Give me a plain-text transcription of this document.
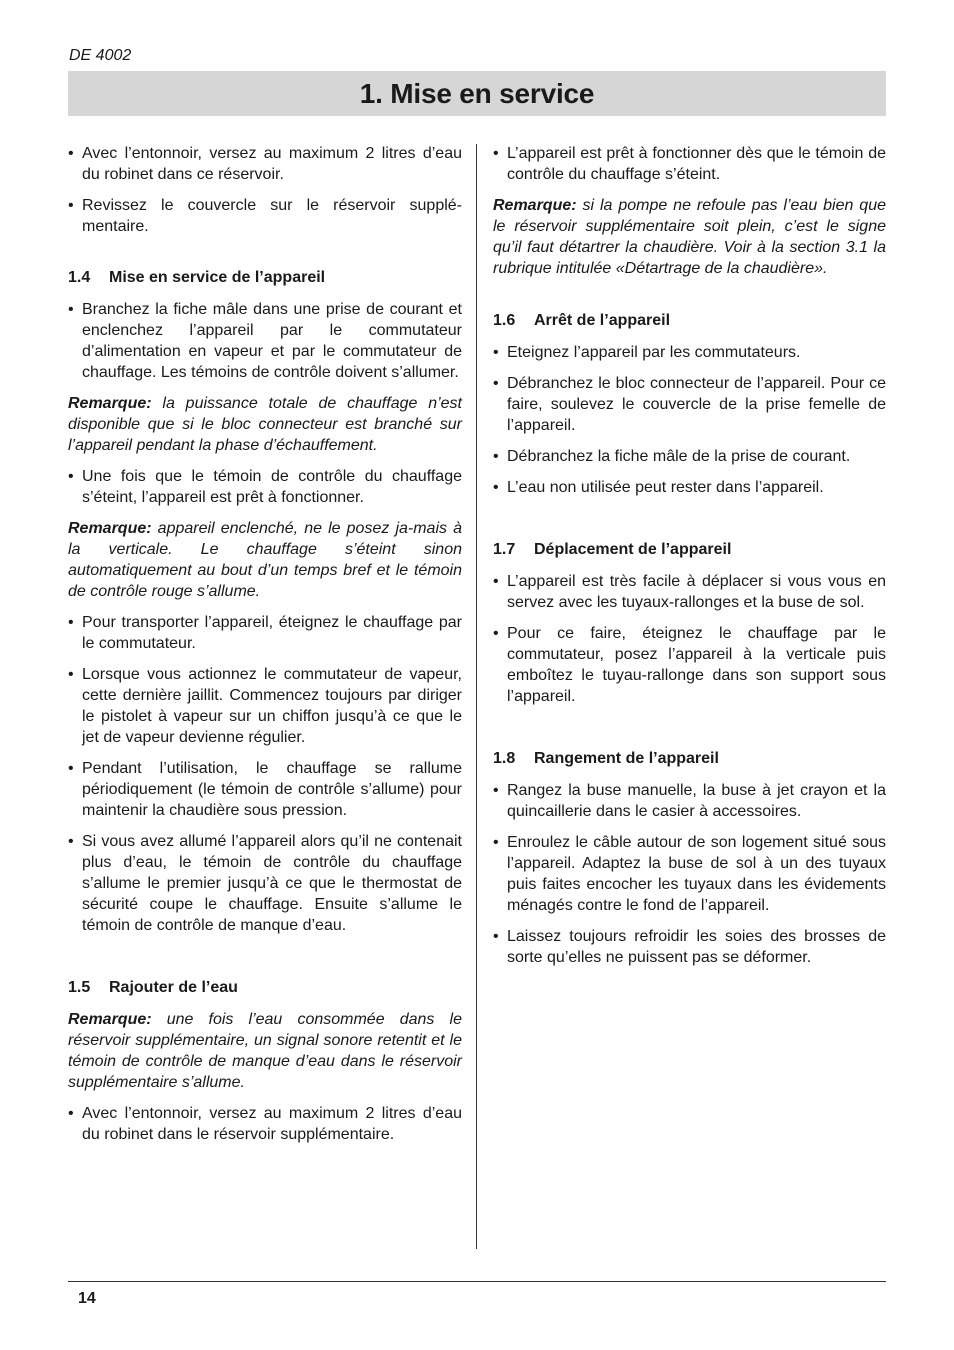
DE 4002
1. Mise en service

• Avec l’entonnoir, versez au maximum 2 litres d’eau du robinet dans ce réservoir.

• Revissez le couvercle sur le réservoir supplé-mentaire.

1.4 Mise en service de l’appareil

• Branchez la fiche mâle dans une prise de courant et enclenchez l’appareil par le commutateur d’alimentation en vapeur et par le commutateur de chauffage. Les témoins de contrôle doivent s’allumer.

Remarque: la puissance totale de chauffage n’est disponible que si le bloc connecteur est branché sur l’appareil pendant la phase d’échauffement.

• Une fois que le témoin de contrôle du chauffage s’éteint, l’appareil est prêt à fonctionner.

Remarque: appareil enclenché, ne le posez ja-mais à la verticale. Le chauffage s’éteint sinon automatiquement au bout d’un temps bref et le témoin de contrôle rouge s’allume.

• Pour transporter l’appareil, éteignez le chauffage par le commutateur.

• Lorsque vous actionnez le commutateur de vapeur, cette dernière jaillit. Commencez toujours par diriger le pistolet à vapeur sur un chiffon jusqu’à ce que le jet de vapeur devienne régulier.

• Pendant l’utilisation, le chauffage se rallume périodiquement (le témoin de contrôle s’allume) pour maintenir la chaudière sous pression.

• Si vous avez allumé l’appareil alors qu’il ne contenait plus d’eau, le témoin de contrôle du chauffage s’allume le premier jusqu’à ce que le thermostat de sécurité coupe le chauffage. Ensuite s’allume le témoin de contrôle de manque d’eau.

1.5 Rajouter de l’eau

Remarque: une fois l’eau consommée dans le réservoir supplémentaire, un signal sonore retentit et le témoin de contrôle de manque d’eau dans le réservoir supplémentaire s’allume.

• Avec l’entonnoir, versez au maximum 2 litres d’eau du robinet dans le réservoir supplémentaire.

• L’appareil est prêt à fonctionner dès que le témoin de contrôle du chauffage s’éteint.

Remarque: si la pompe ne refoule pas l’eau bien que le réservoir supplémentaire soit plein, c’est le signe qu’il faut détartrer la chaudière. Voir à la section 3.1 la rubrique intitulée «Détartrage de la chaudière».

1.6 Arrêt de l’appareil

• Eteignez l’appareil par les commutateurs.

• Débranchez le bloc connecteur de l’appareil. Pour ce faire, soulevez le couvercle de la prise femelle de l’appareil.

• Débranchez la fiche mâle de la prise de courant.

• L’eau non utilisée peut rester dans l’appareil.

1.7 Déplacement de l’appareil

• L’appareil est très facile à déplacer si vous vous en servez avec les tuyaux-rallonges et la buse de sol.

• Pour ce faire, éteignez le chauffage par le commutateur, posez l’appareil à la verticale puis emboîtez le tuyau-rallonge dans son support sous l’appareil.

1.8 Rangement de l’appareil

• Rangez la buse manuelle, la buse à jet crayon et la quincaillerie dans le casier à accessoires.

• Enroulez le câble autour de son logement situé sous l’appareil. Adaptez la buse de sol à un des tuyaux puis faites encocher les tuyaux dans les évidements ménagés contre le fond de l’appareil.

• Laissez toujours refroidir les soies des brosses de sorte qu’elles ne puissent pas se déformer.

14
